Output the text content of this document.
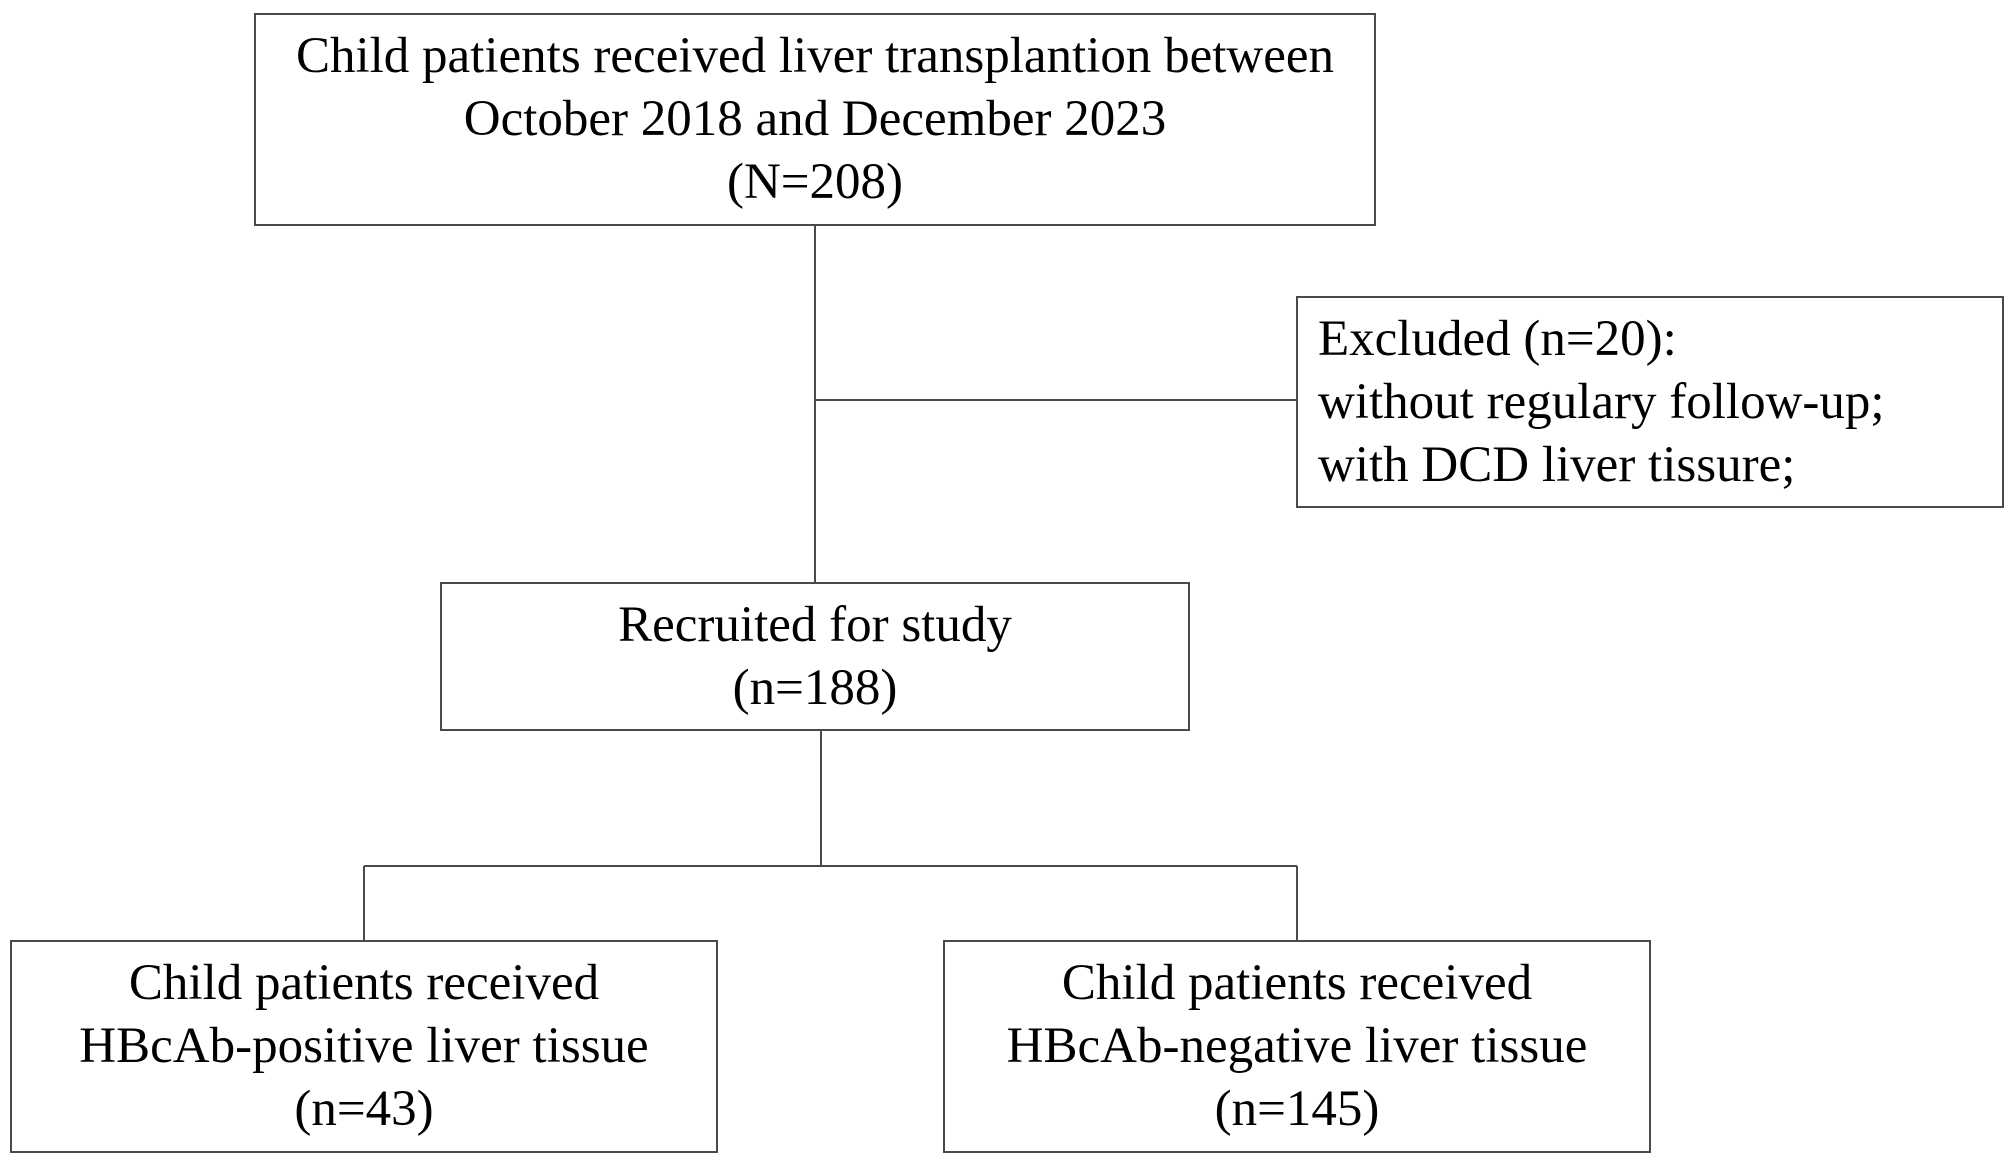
Child patients received liver transplantion between
October 2018 and December 2023
(N=208)
Excluded (n=20):
without regulary follow-up;
with DCD liver tissure;
Recruited for study
(n=188)
Child patients received
HBcAb-positive liver tissue
(n=43)
Child patients received
HBcAb-negative liver tissue
(n=145)
